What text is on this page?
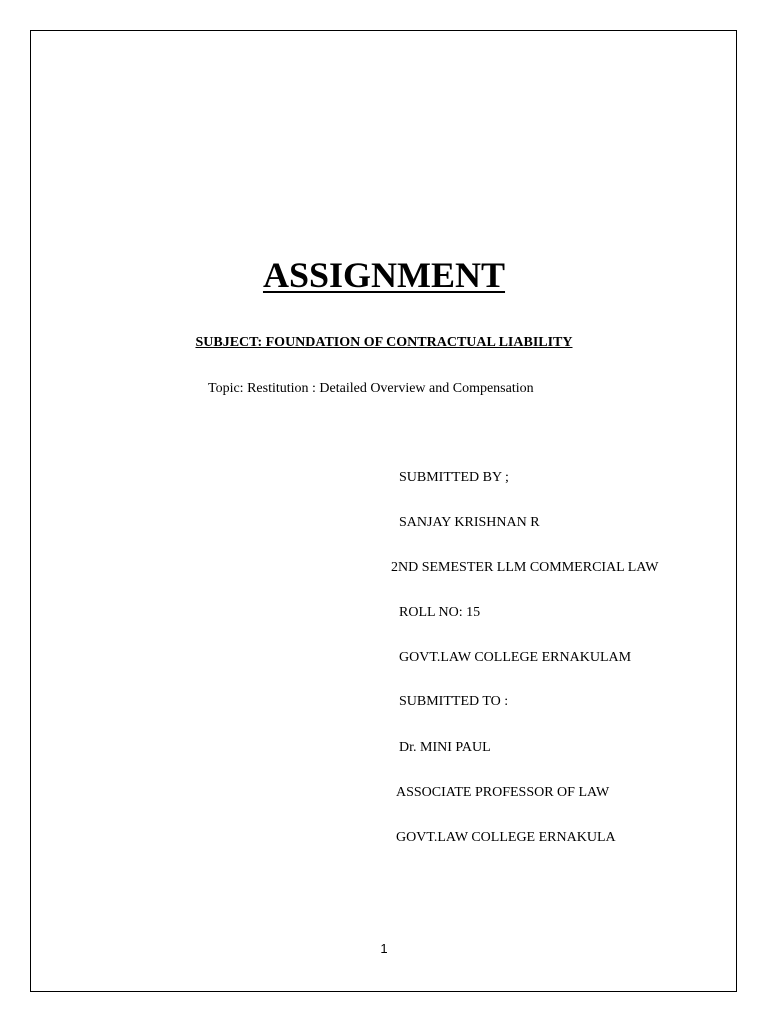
ASSIGNMENT
SUBJECT: FOUNDATION OF CONTRACTUAL LIABILITY
Topic: Restitution : Detailed Overview and Compensation
SUBMITTED BY ;
SANJAY KRISHNAN R
2ND SEMESTER LLM COMMERCIAL LAW
ROLL NO: 15
GOVT.LAW COLLEGE ERNAKULAM
SUBMITTED TO :
Dr. MINI PAUL
ASSOCIATE PROFESSOR OF LAW
GOVT.LAW COLLEGE ERNAKULA
1
